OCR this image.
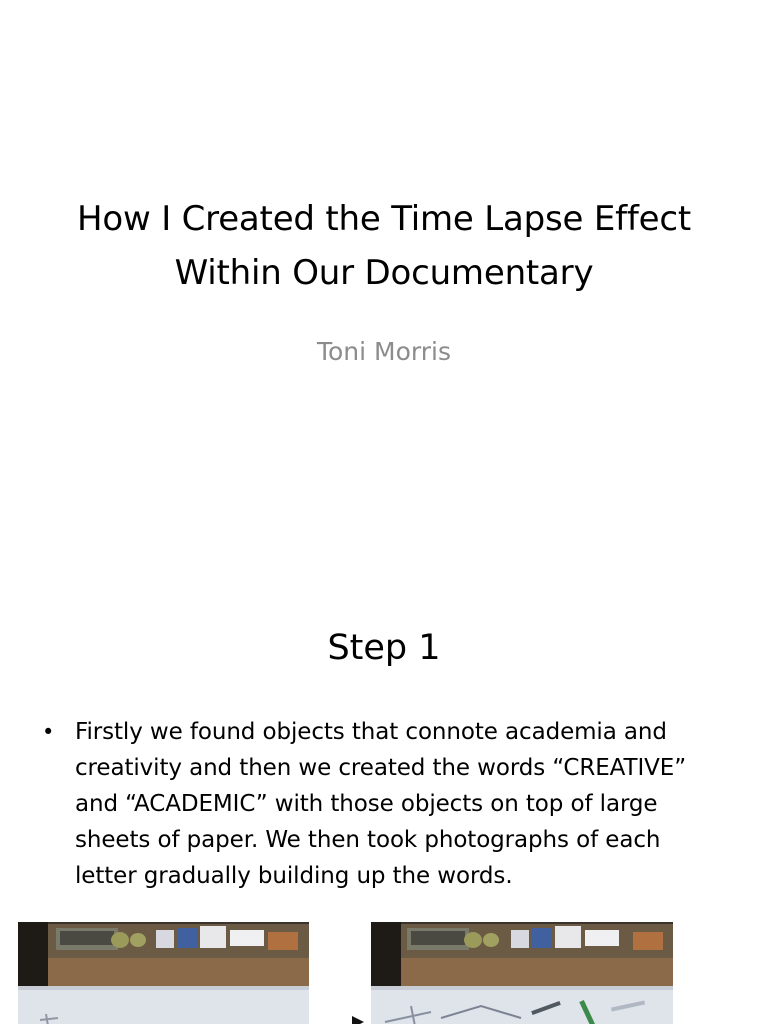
How I Created the Time Lapse Effect Within Our Documentary
Toni Morris
Step 1
• Firstly we found objects that connote academia and
creativity and then we created the words “CREATIVE”
and “ACADEMIC” with those objects on top of large
sheets of paper. We then took photographs of each
letter gradually building up the words.
